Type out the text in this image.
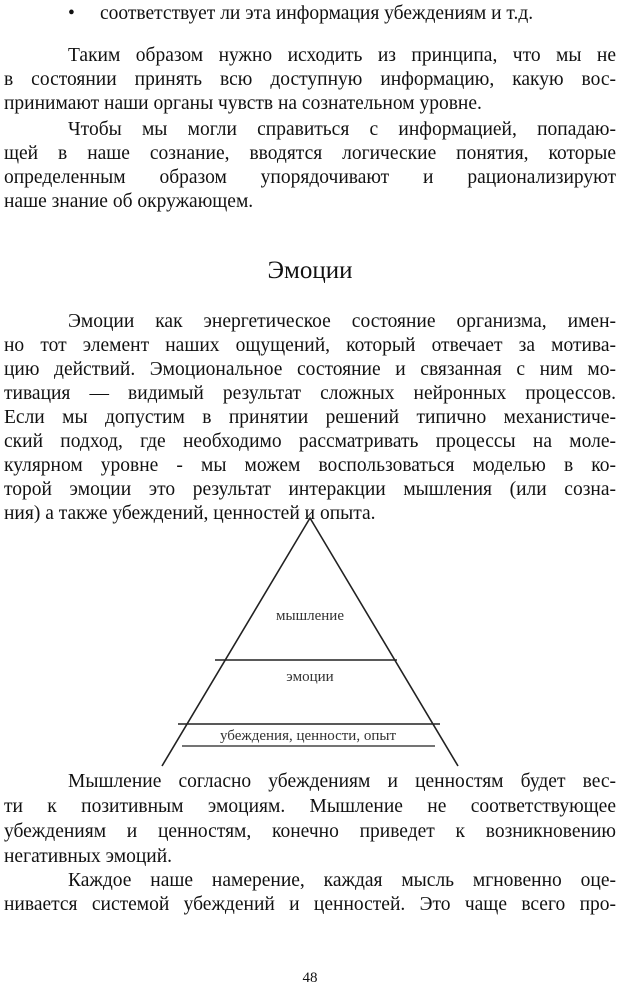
• соответствует ли эта информация убеждениям и т.д.
Таким образом нужно исходить из принципа, что мы не
в состоянии принять всю доступную информацию, какую вос-
принимают наши органы чувств на сознательном уровне.
Чтобы мы могли справиться с информацией, попадаю-
щей в наше сознание, вводятся логические понятия, которые
определенным образом упорядочивают и рационализируют
наше знание об окружающем.
Эмоции
Эмоции как энергетическое состояние организма, имен-
но тот элемент наших ощущений, который отвечает за мотива-
цию действий. Эмоциональное состояние и связанная с ним мо-
тивация — видимый результат сложных нейронных процессов.
Если мы допустим в принятии решений типично механистиче-
ский подход, где необходимо рассматривать процессы на моле-
кулярном уровне - мы можем воспользоваться моделью в ко-
торой эмоции это результат интеракции мышления (или созна-
ния) а также убеждений, ценностей и опыта.
мышление
эмоции
убеждения, ценности, опыт
Мышление согласно убеждениям и ценностям будет вес-
ти к позитивным эмоциям. Мышление не соответствующее
убеждениям и ценностям, конечно приведет к возникновению
негативных эмоций.
Каждое наше намерение, каждая мысль мгновенно оце-
нивается системой убеждений и ценностей. Это чаще всего про-
48
